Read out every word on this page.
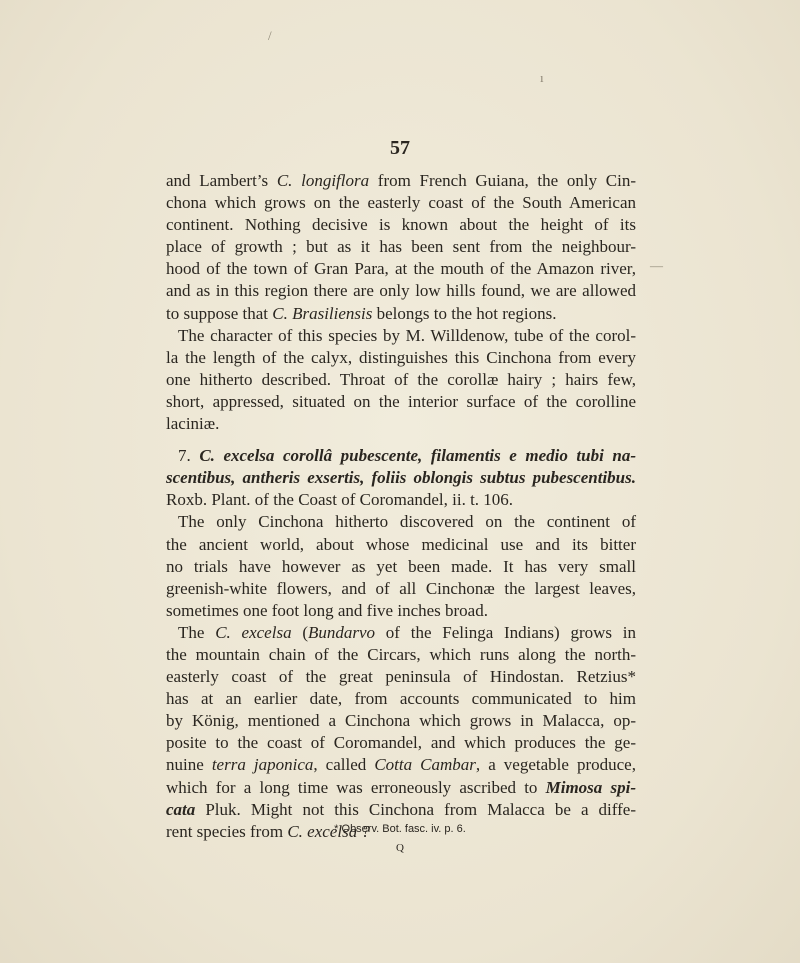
57
and Lambert’s C. longiflora from French Guiana, the only Cin-
chona which grows on the easterly coast of the South American
continent. Nothing decisive is known about the height of its
place of growth ; but as it has been sent from the neighbour-
hood of the town of Gran Para, at the mouth of the Amazon river,
and as in this region there are only low hills found, we are allowed
to suppose that C. Brasiliensis belongs to the hot regions.
The character of this species by M. Willdenow, tube of the corol-
la the length of the calyx, distinguishes this Cinchona from every
one hitherto described. Throat of the corollæ hairy ; hairs few,
short, appressed, situated on the interior surface of the corolline
laciniæ.
7. C. excelsa corollâ pubescente, filamentis e medio tubi na-
scentibus, antheris exsertis, foliis oblongis subtus pubescentibus.
Roxb. Plant. of the Coast of Coromandel, ii. t. 106.
The only Cinchona hitherto discovered on the continent of
the ancient world, about whose medicinal use and its bitter
no trials have however as yet been made. It has very small
greenish-white flowers, and of all Cinchonæ the largest leaves,
sometimes one foot long and five inches broad.
The C. excelsa (Bundarvo of the Felinga Indians) grows in
the mountain chain of the Circars, which runs along the north-
easterly coast of the great peninsula of Hindostan. Retzius*
has at an earlier date, from accounts communicated to him
by König, mentioned a Cinchona which grows in Malacca, op-
posite to the coast of Coromandel, and which produces the ge-
nuine terra japonica, called Cotta Cambar, a vegetable produce,
which for a long time was erroneously ascribed to Mimosa spi-
cata Pluk. Might not this Cinchona from Malacca be a diffe-
rent species from C. excelsa ?
* Observ. Bot. fasc. iv. p. 6.
Q
/
ı
—
